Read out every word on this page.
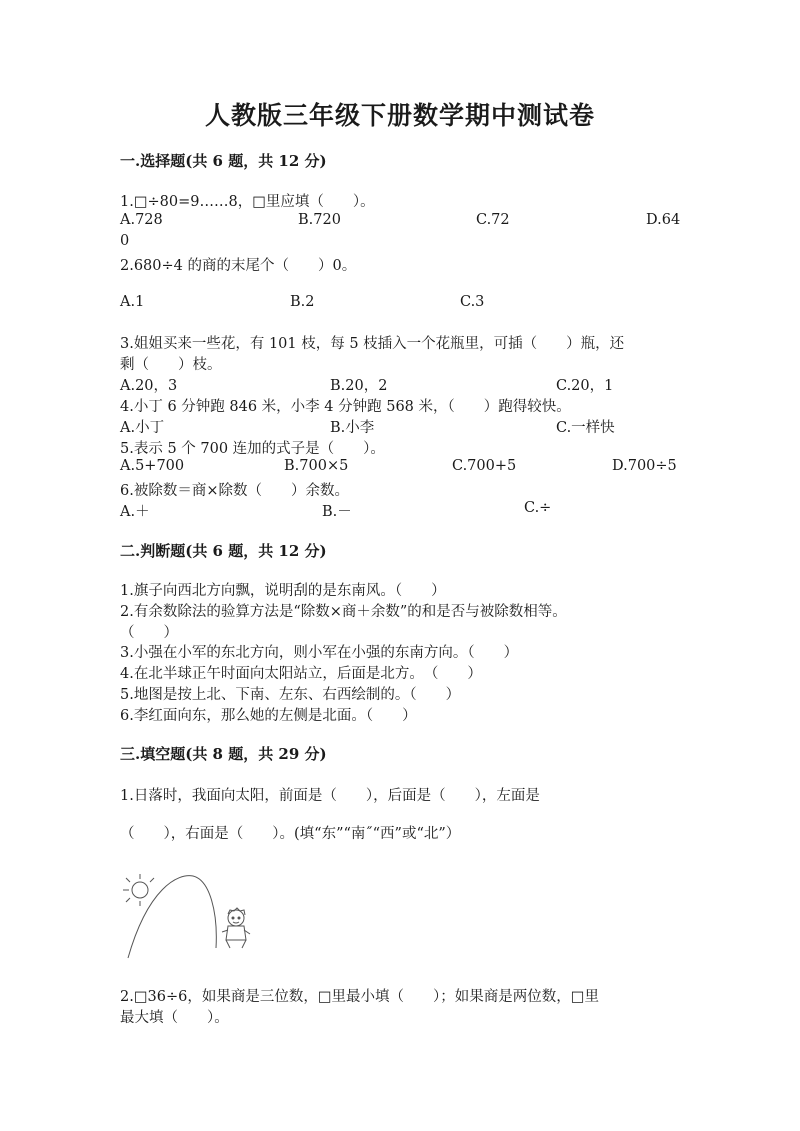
人教版三年级下册数学期中测试卷
一.选择题(共 6 题，共 12 分)
1.□÷80=9……8，□里应填（　　）。
A.728	B.720	C.72	D.64
0
2.680÷4 的商的末尾个（　　）0。
A.1	B.2	C.3
3.姐姐买来一些花，有 101 枝，每 5 枝插入一个花瓶里，可插（　　）瓶，还
剩（　　）枝。
A.20，3	B.20，2	C.20，1
4.小丁 6 分钟跑 846 米，小李 4 分钟跑 568 米，（　　）跑得较快。
A.小丁	B.小李	C.一样快
5.表示 5 个 700 连加的式子是（　　）。
A.5+700	B.700×5	C.700+5	D.700÷5
6.被除数＝商×除数（　　）余数。
A.＋	B.－	C.÷
二.判断题(共 6 题，共 12 分)
1.旗子向西北方向飘，说明刮的是东南风。（　　）
2.有余数除法的验算方法是“除数×商＋余数”的和是否与被除数相等。
（　　）
3.小强在小军的东北方向，则小军在小强的东南方向。（　　）
4.在北半球正午时面向太阳站立，后面是北方。　（　　）
5.地图是按上北、下南、左东、右西绘制的。（　　）
6.李红面向东，那么她的左侧是北面。（　　）
三.填空题(共 8 题，共 29 分)
1.日落时，我面向太阳，前面是（　　），后面是（　　），左面是
（　　），右面是（　　）。(填“东”“南˝“西”或“北”）
2.□36÷6，如果商是三位数，□里最小填（　　）；如果商是两位数，□里
最大填（　　）。
